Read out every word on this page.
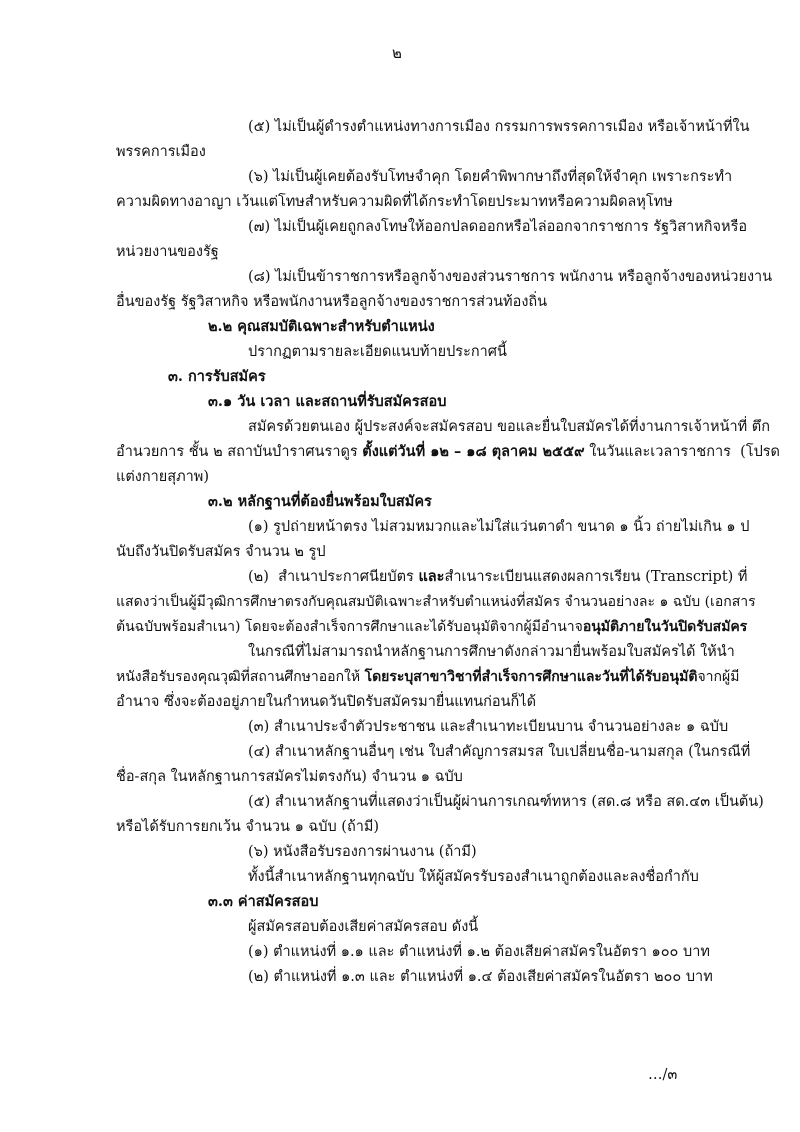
๒
(๕) ไม่เป็นผู้ดำรงตำแหน่งทางการเมือง กรรมการพรรคการเมือง หรือเจ้าหน้าที่ใน
พรรคการเมือง
(๖) ไม่เป็นผู้เคยต้องรับโทษจำคุก โดยคำพิพากษาถึงที่สุดให้จำคุก เพราะกระทำ
ความผิดทางอาญา เว้นแต่โทษสำหรับความผิดที่ได้กระทำโดยประมาทหรือความผิดลหุโทษ
(๗) ไม่เป็นผู้เคยถูกลงโทษให้ออกปลดออกหรือไล่ออกจากราชการ รัฐวิสาหกิจหรือ
หน่วยงานของรัฐ
(๘) ไม่เป็นข้าราชการหรือลูกจ้างของส่วนราชการ พนักงาน หรือลูกจ้างของหน่วยงาน
อื่นของรัฐ รัฐวิสาหกิจ หรือพนักงานหรือลูกจ้างของราชการส่วนท้องถิ่น
๒.๒ คุณสมบัติเฉพาะสำหรับตำแหน่ง
ปรากฏตามรายละเอียดแนบท้ายประกาศนี้
๓. การรับสมัคร
๓.๑ วัน เวลา และสถานที่รับสมัครสอบ
สมัครด้วยตนเอง ผู้ประสงค์จะสมัครสอบ ขอและยื่นใบสมัครได้ที่งานการเจ้าหน้าที่ ตึก
อำนวยการ ชั้น ๒ สถาบันบำราศนราดูร ตั้งแต่วันที่ ๑๒ – ๑๘ ตุลาคม ๒๕๕๙ ในวันและเวลาราชการ  (โปรด
แต่งกายสุภาพ)
๓.๒ หลักฐานที่ต้องยื่นพร้อมใบสมัคร
(๑) รูปถ่ายหน้าตรง ไม่สวมหมวกและไม่ใส่แว่นตาดำ ขนาด ๑ นิ้ว ถ่ายไม่เกิน ๑ ป
นับถึงวันปิดรับสมัคร จำนวน ๒ รูป
(๒)  สำเนาประกาศนียบัตร และสำเนาระเบียนแสดงผลการเรียน (Transcript) ที่
แสดงว่าเป็นผู้มีวุฒิการศึกษาตรงกับคุณสมบัติเฉพาะสำหรับตำแหน่งที่สมัคร จำนวนอย่างละ ๑ ฉบับ (เอกสาร
ต้นฉบับพร้อมสำเนา) โดยจะต้องสำเร็จการศึกษาและได้รับอนุมัติจากผู้มีอำนาจอนุมัติภายในวันปิดรับสมัคร
ในกรณีที่ไม่สามารถนำหลักฐานการศึกษาดังกล่าวมายื่นพร้อมใบสมัครได้ ให้นำ
หนังสือรับรองคุณวุฒิที่สถานศึกษาออกให้ โดยระบุสาขาวิชาที่สำเร็จการศึกษาและวันที่ได้รับอนุมัติจากผู้มี
อำนาจ ซึ่งจะต้องอยู่ภายในกำหนดวันปิดรับสมัครมายื่นแทนก่อนก็ได้
(๓) สำเนาประจำตัวประชาชน และสำเนาทะเบียนบาน จำนวนอย่างละ ๑ ฉบับ
(๔) สำเนาหลักฐานอื่นๆ เช่น ใบสำคัญการสมรส ใบเปลี่ยนชื่อ-นามสกุล (ในกรณีที่
ชื่อ-สกุล ในหลักฐานการสมัครไม่ตรงกัน) จำนวน ๑ ฉบับ
(๕) สำเนาหลักฐานที่แสดงว่าเป็นผู้ผ่านการเกณฑ์ทหาร (สด.๘ หรือ สด.๔๓ เป็นต้น)
หรือได้รับการยกเว้น จำนวน ๑ ฉบับ (ถ้ามี)
(๖) หนังสือรับรองการผ่านงาน (ถ้ามี)
ทั้งนี้สำเนาหลักฐานทุกฉบับ ให้ผู้สมัครรับรองสำเนาถูกต้องและลงชื่อกำกับ
๓.๓ ค่าสมัครสอบ
ผู้สมัครสอบต้องเสียค่าสมัครสอบ ดังนี้
(๑) ตำแหน่งที่ ๑.๑ และ ตำแหน่งที่ ๑.๒ ต้องเสียค่าสมัครในอัตรา ๑๐๐ บาท
(๒) ตำแหน่งที่ ๑.๓ และ ตำแหน่งที่ ๑.๔ ต้องเสียค่าสมัครในอัตรา ๒๐๐ บาท
…/๓
